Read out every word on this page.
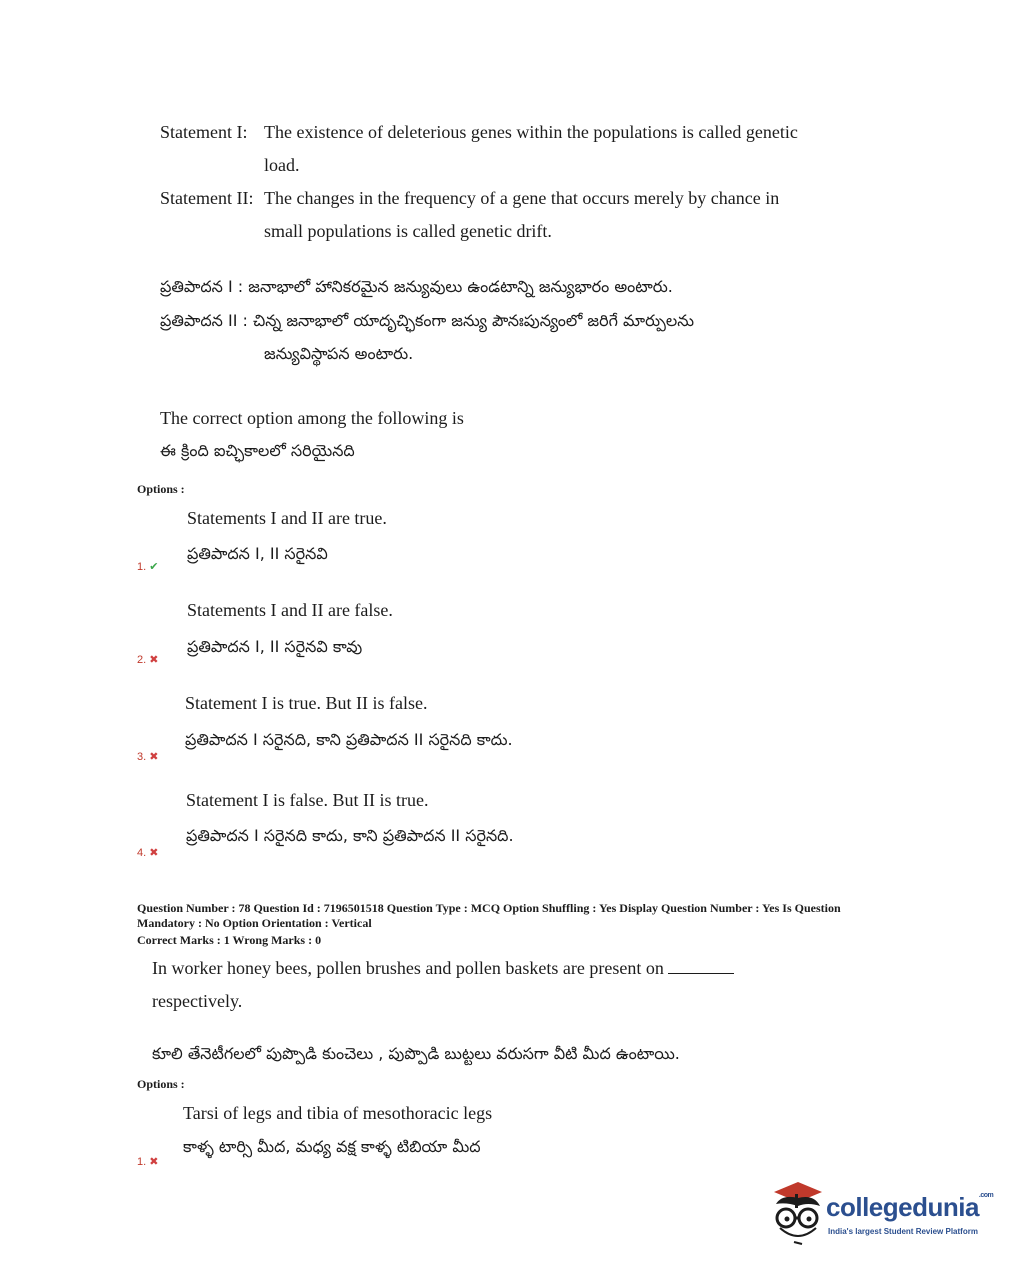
Statement I: The existence of deleterious genes within the populations is called genetic
load.
Statement II: The changes in the frequency of a gene that occurs merely by chance in
small populations is called genetic drift.
ప్రతిపాదన I : జనాభాలో హానికరమైన జన్యువులు ఉండటాన్ని జన్యుభారం అంటారు.
ప్రతిపాదన II : చిన్న జనాభాలో యాదృచ్ఛికంగా జన్యు పౌనఃపున్యంలో జరిగే మార్పులను
జన్యువిస్థాపన అంటారు.
The correct option among the following is
ఈ క్రింది ఐచ్ఛికాలలో సరియైనది
Options :
Statements I and II are true.
ప్రతిపాదన I, II సరైనవి
1. ✔
Statements I and II are false.
ప్రతిపాదన I, II సరైనవి కావు
2. ✖
Statement I is true. But II is false.
ప్రతిపాదన I సరైనది, కాని ప్రతిపాదన II సరైనది కాదు.
3. ✖
Statement I is false. But II is true.
ప్రతిపాదన I సరైనది కాదు, కాని ప్రతిపాదన II సరైనది.
4. ✖
Question Number : 78 Question Id : 7196501518 Question Type : MCQ Option Shuffling : Yes Display Question Number : Yes Is Question
Mandatory : No Option Orientation : Vertical
Correct Marks : 1 Wrong Marks : 0
In worker honey bees, pollen brushes and pollen baskets are present on
respectively.
కూలి తేనెటీగలలో పుప్పొడి కుంచెలు , పుప్పొడి బుట్టలు వరుసగా వీటి మీద ఉంటాయి.
Options :
Tarsi of legs and tibia of mesothoracic legs
కాళ్ళ టార్సి మీద, మధ్య వక్ష కాళ్ళ టిబియా మీద
1. ✖
collegedunia$^{.com}$
India's largest Student Review Platform
